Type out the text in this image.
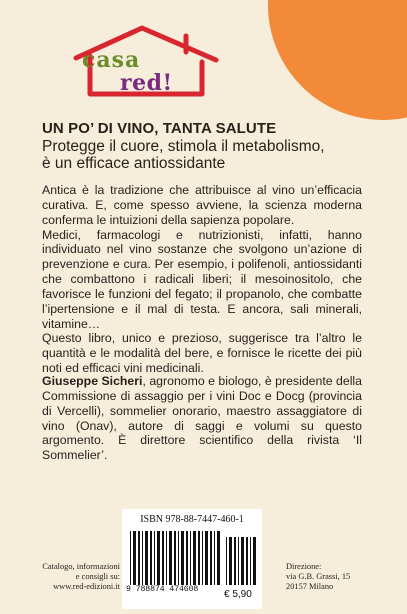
casa
red!
UN PO’ DI VINO, TANTA SALUTE
Protegge il cuore, stimola il metabolismo,
è un efficace antiossidante

Antica è la tradizione che attribuisce al vino un’efficacia curativa. E, come spesso avviene, la scienza moderna conferma le intuizioni della sapienza popolare.

Medici, farmacologi e nutrizionisti, infatti, hanno individuato nel vino sostanze che svolgono un’azione di prevenzione e cura. Per esempio, i polifenoli, antiossidanti che combattono i radicali liberi; il mesoinositolo, che favorisce le funzioni del fegato; il propanolo, che combatte l’ipertensione e il mal di testa. E ancora, sali minerali, vitamine…

Questo libro, unico e prezioso, suggerisce tra l’altro le quantità e le modalità del bere, e fornisce le ricette dei più noti ed efficaci vini medicinali.

Giuseppe Sicheri, agronomo e biologo, è presidente della Commissione di assaggio per i vini Doc e Docg (provincia di Vercelli), sommelier onorario, maestro assaggiatore di vino (Onav), autore di saggi e volumi su questo argomento. È direttore scientifico della rivista ‘Il Sommelier’.
ISBN 978-88-7447-460-1
9 788874 474608	€ 5,90
Catalogo, informazioni
e consigli su:
www.red-edizioni.it
Direzione:
via G.B. Grassi, 15
20157 Milano
